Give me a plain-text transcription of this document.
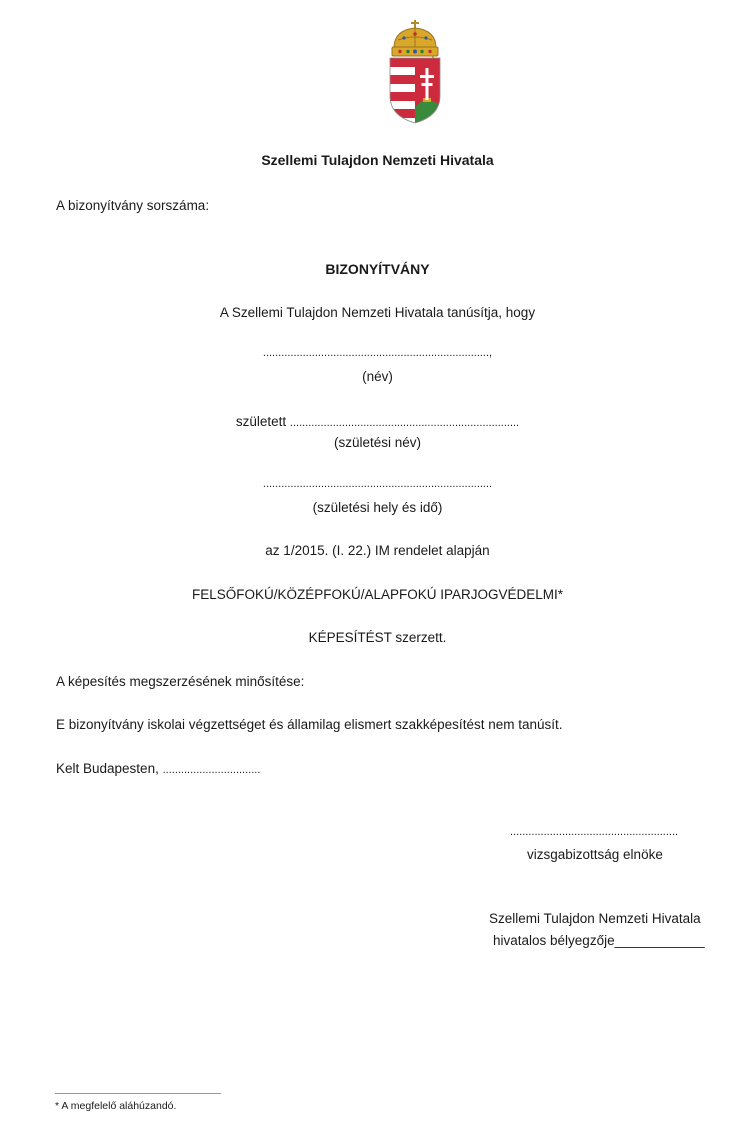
Szellemi Tulajdon Nemzeti Hivatala
A bizonyítvány sorszáma:
BIZONYÍTVÁNY
A Szellemi Tulajdon Nemzeti Hivatala tanúsítja, hogy
..........................................................................,
(név)
született ...........................................................................
(születési név)
...........................................................................
(születési hely és idő)
az 1/2015. (I. 22.) IM rendelet alapján
FELSŐFOKÚ/KÖZÉPFOKÚ/ALAPFOKÚ IPARJOGVÉDELMI*
KÉPESÍTÉST szerzett.
A képesítés megszerzésének minősítése:
E bizonyítvány iskolai végzettséget és államilag elismert szakképesítést nem tanúsít.
Kelt Budapesten, ................................
.......................................................
vizsgabizottság elnöke
Szellemi Tulajdon Nemzeti Hivatala
hivatalos bélyegzője____________
* A megfelelő aláhúzandó.
